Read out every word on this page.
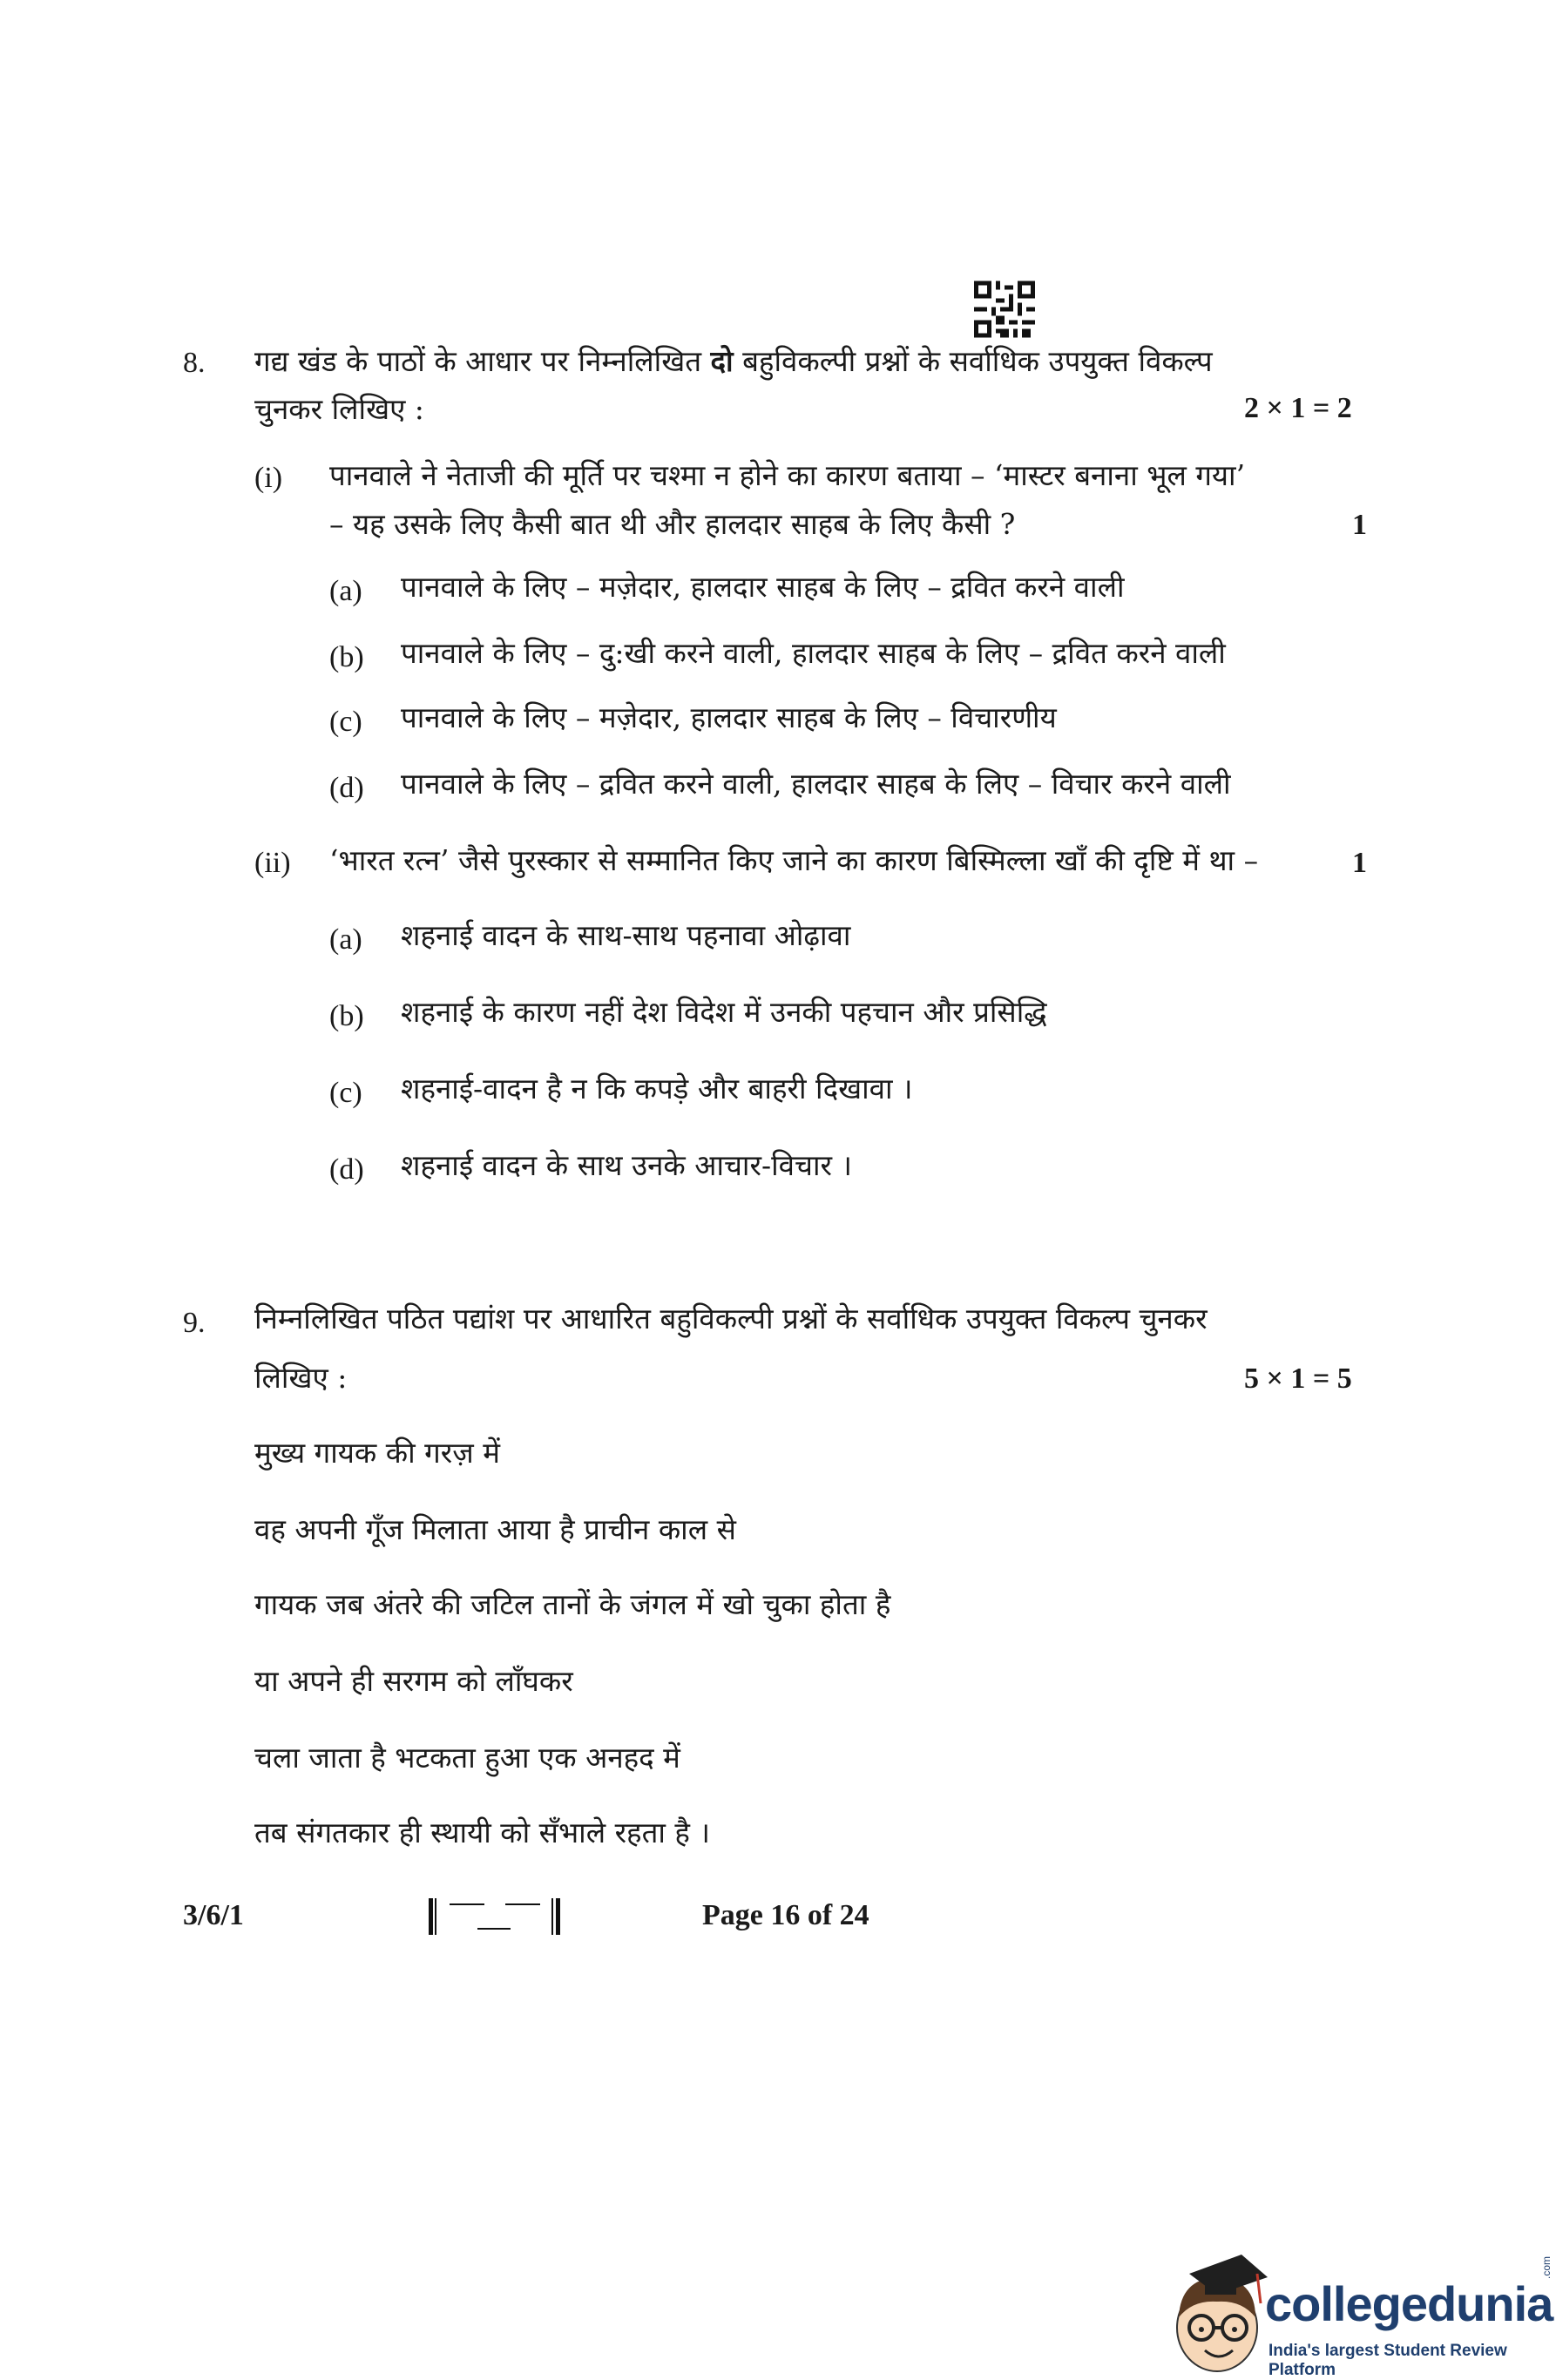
8. गद्य खंड के पाठों के आधार पर निम्नलिखित दो बहुविकल्पी प्रश्नों के सर्वाधिक उपयुक्त विकल्प
चुनकर लिखिए :	2 × 1 = 2
(i) पानवाले ने नेताजी की मूर्ति पर चश्मा न होने का कारण बताया – ‘मास्टर बनाना भूल गया’
– यह उसके लिए कैसी बात थी और हालदार साहब के लिए कैसी ?	1
(a) पानवाले के लिए – मज़ेदार, हालदार साहब के लिए – द्रवित करने वाली
(b) पानवाले के लिए – दु:खी करने वाली, हालदार साहब के लिए – द्रवित करने वाली
(c) पानवाले के लिए – मज़ेदार, हालदार साहब के लिए – विचारणीय
(d) पानवाले के लिए – द्रवित करने वाली, हालदार साहब के लिए – विचार करने वाली
(ii) ‘भारत रत्न’ जैसे पुरस्कार से सम्मानित किए जाने का कारण बिस्मिल्ला खाँ की दृष्टि में था –	1
(a) शहनाई वादन के साथ-साथ पहनावा ओढ़ावा
(b) शहनाई के कारण नहीं देश विदेश में उनकी पहचान और प्रसिद्धि
(c) शहनाई-वादन है न कि कपड़े और बाहरी दिखावा ।
(d) शहनाई वादन के साथ उनके आचार-विचार ।
9. निम्नलिखित पठित पद्यांश पर आधारित बहुविकल्पी प्रश्नों के सर्वाधिक उपयुक्त विकल्प चुनकर
लिखिए :	5 × 1 = 5
मुख्य गायक की गरज़ में
वह अपनी गूँज मिलाता आया है प्राचीन काल से
गायक जब अंतरे की जटिल तानों के जंगल में खो चुका होता है
या अपने ही सरगम को लाँघकर
चला जाता है भटकता हुआ एक अनहद में
तब संगतकार ही स्थायी को सँभाले रहता है ।
3/6/1	Page 16 of 24
collegedunia
.com
India's largest Student Review Platform
